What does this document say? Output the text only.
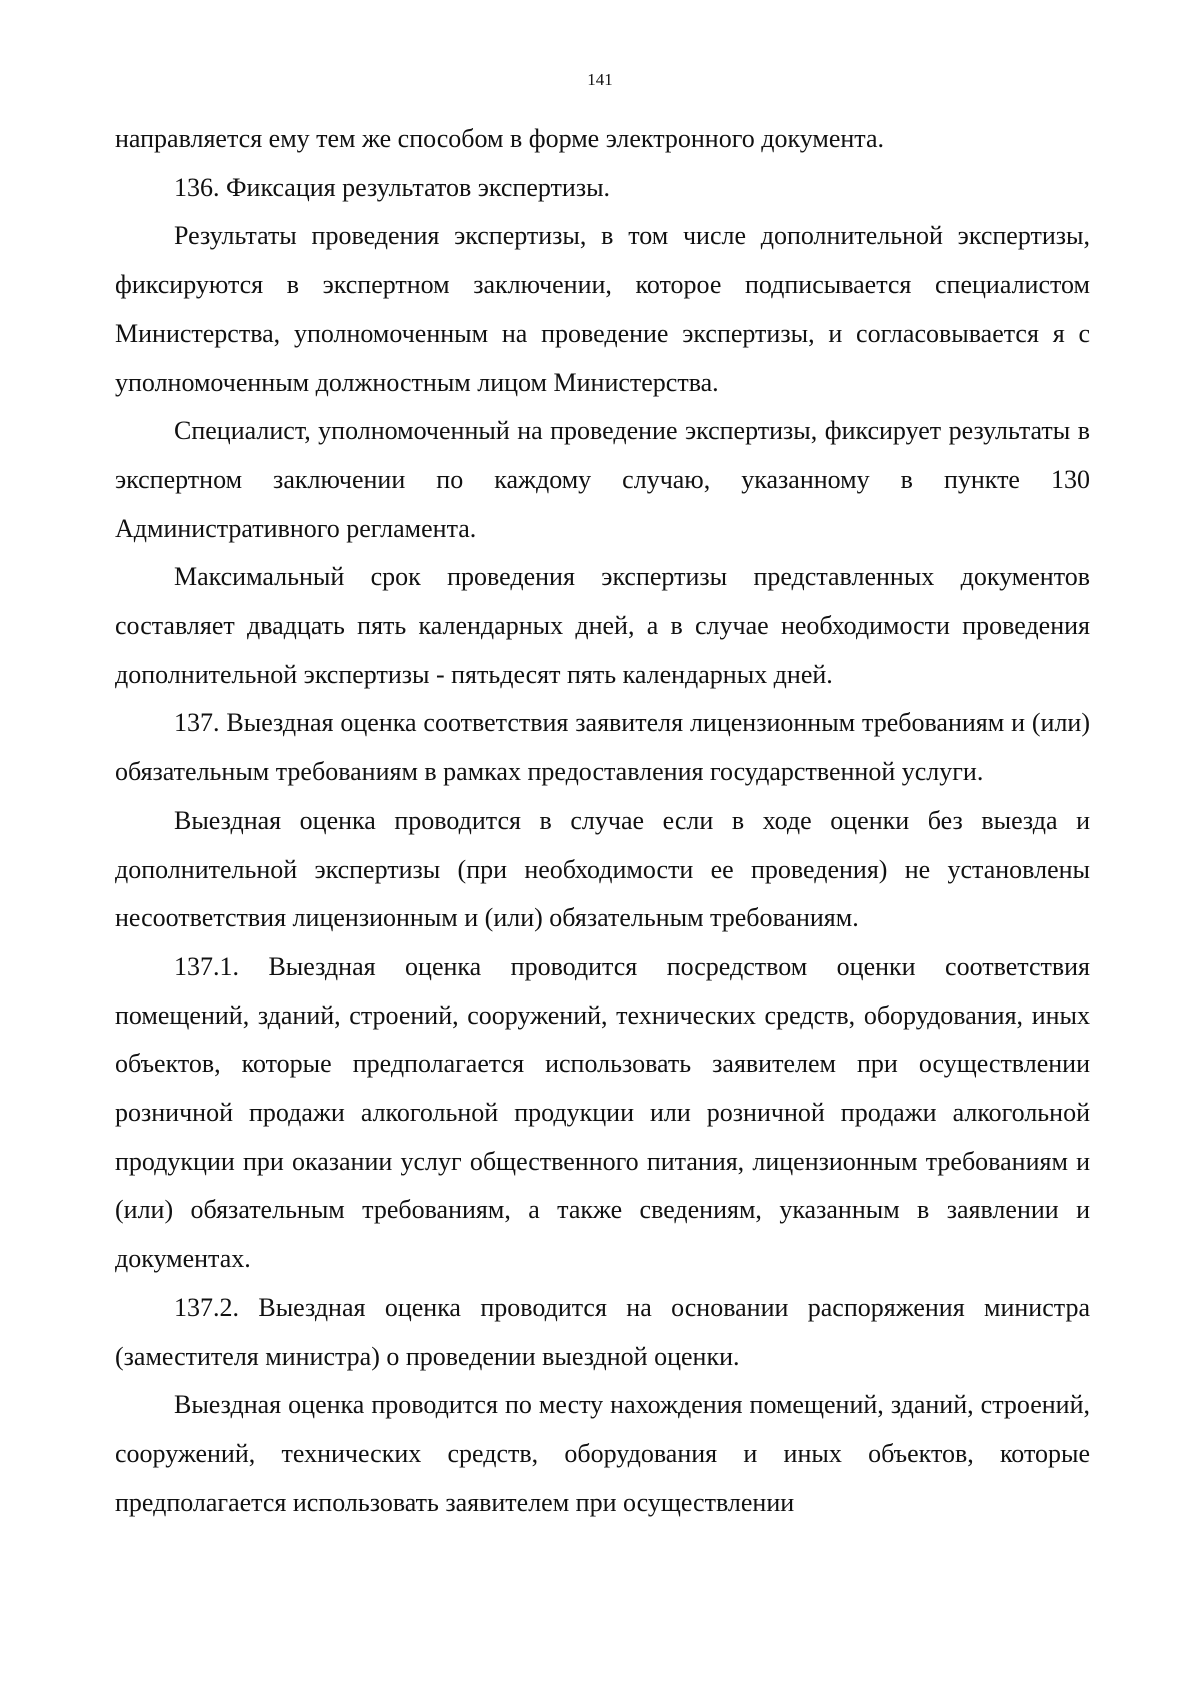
141

направляется ему тем же способом в форме электронного документа.

136. Фиксация результатов экспертизы.

Результаты проведения экспертизы, в том числе дополнительной экспертизы, фиксируются в экспертном заключении, которое подписывается специалистом Министерства, уполномоченным на проведение экспертизы, и согласовывается я с уполномоченным должностным лицом Министерства.

Специалист, уполномоченный на проведение экспертизы, фиксирует результаты в экспертном заключении по каждому случаю, указанному в пункте 130 Административного регламента.

Максимальный срок проведения экспертизы представленных документов составляет двадцать пять календарных дней, а в случае необходимости проведения дополнительной экспертизы - пятьдесят пять календарных дней.

137. Выездная оценка соответствия заявителя лицензионным требованиям и (или) обязательным требованиям в рамках предоставления государственной услуги.

Выездная оценка проводится в случае если в ходе оценки без выезда и дополнительной экспертизы (при необходимости ее проведения) не установлены несоответствия лицензионным и (или) обязательным требованиям.

137.1. Выездная оценка проводится посредством оценки соответствия помещений, зданий, строений, сооружений, технических средств, оборудования, иных объектов, которые предполагается использовать заявителем при осуществлении розничной продажи алкогольной продукции или розничной продажи алкогольной продукции при оказании услуг общественного питания, лицензионным требованиям и (или) обязательным требованиям, а также сведениям, указанным в заявлении и документах.

137.2. Выездная оценка проводится на основании распоряжения министра (заместителя министра) о проведении выездной оценки.

Выездная оценка проводится по месту нахождения помещений, зданий, строений, сооружений, технических средств, оборудования и иных объектов, которые предполагается использовать заявителем при осуществлении
